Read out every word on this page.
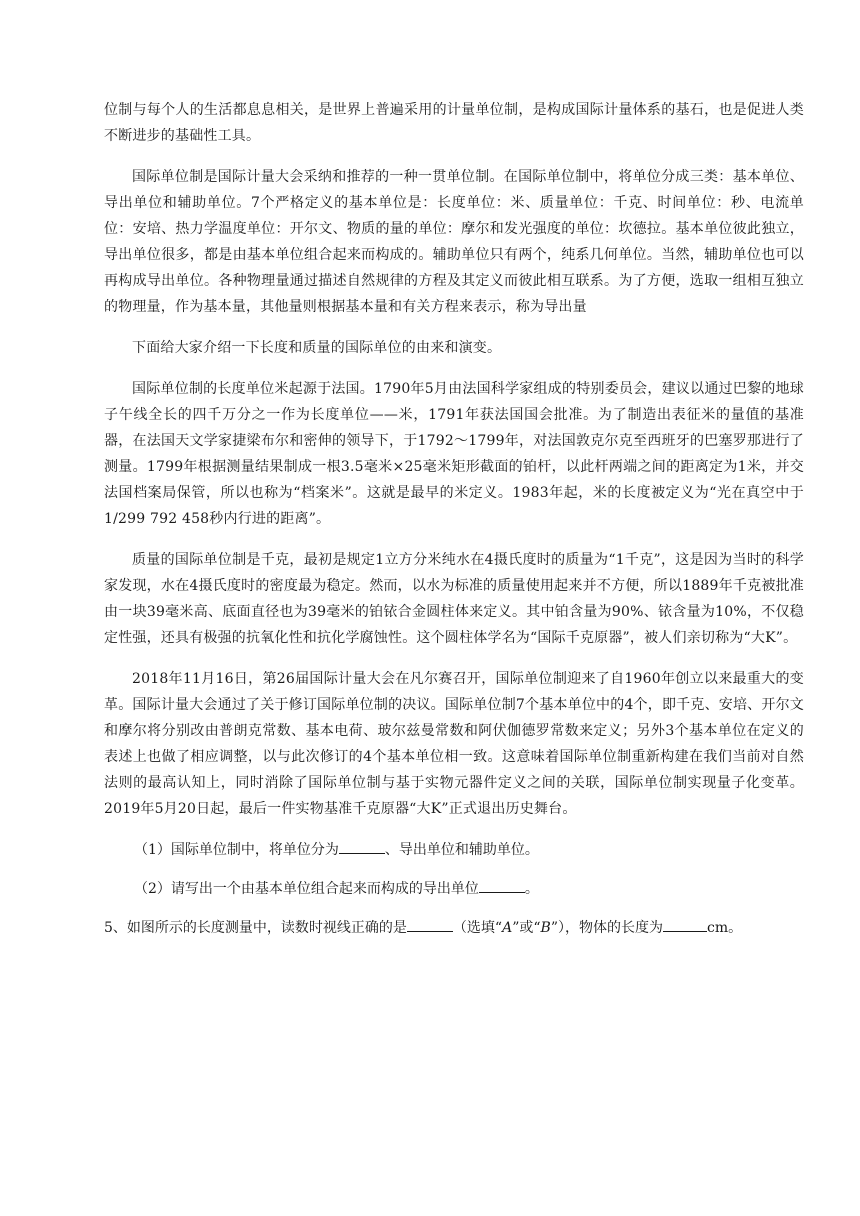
位制与每个人的生活都息息相关，是世界上普遍采用的计量单位制，是构成国际计量体系的基石，也是促进人类不断进步的基础性工具。

国际单位制是国际计量大会采纳和推荐的一种一贯单位制。在国际单位制中，将单位分成三类：基本单位、导出单位和辅助单位。7个严格定义的基本单位是：长度单位：米、质量单位：千克、时间单位：秒、电流单位：安培、热力学温度单位：开尔文、物质的量的单位：摩尔和发光强度的单位：坎德拉。基本单位彼此独立，导出单位很多，都是由基本单位组合起来而构成的。辅助单位只有两个，纯系几何单位。当然，辅助单位也可以再构成导出单位。各种物理量通过描述自然规律的方程及其定义而彼此相互联系。为了方便，选取一组相互独立的物理量，作为基本量，其他量则根据基本量和有关方程来表示，称为导出量

下面给大家介绍一下长度和质量的国际单位的由来和演变。

国际单位制的长度单位米起源于法国。1790年5月由法国科学家组成的特别委员会，建议以通过巴黎的地球子午线全长的四千万分之一作为长度单位——米，1791年获法国国会批准。为了制造出表征米的量值的基准器，在法国天文学家捷梁布尔和密伸的领导下，于1792～1799年，对法国敦克尔克至西班牙的巴塞罗那进行了测量。1799年根据测量结果制成一根3.5毫米×25毫米矩形截面的铂杆，以此杆两端之间的距离定为1米，并交法国档案局保管，所以也称为“档案米”。这就是最早的米定义。1983年起，米的长度被定义为“光在真空中于1/299 792 458秒内行进的距离”。

质量的国际单位制是千克，最初是规定1立方分米纯水在4摄氏度时的质量为“1千克”，这是因为当时的科学家发现，水在4摄氏度时的密度最为稳定。然而，以水为标准的质量使用起来并不方便，所以1889年千克被批准由一块39毫米高、底面直径也为39毫米的铂铱合金圆柱体来定义。其中铂含量为90%、铱含量为10%，不仅稳定性强，还具有极强的抗氧化性和抗化学腐蚀性。这个圆柱体学名为“国际千克原器”，被人们亲切称为“大K”。

2018年11月16日，第26届国际计量大会在凡尔赛召开，国际单位制迎来了自1960年创立以来最重大的变革。国际计量大会通过了关于修订国际单位制的决议。国际单位制7个基本单位中的4个，即千克、安培、开尔文和摩尔将分别改由普朗克常数、基本电荷、玻尔兹曼常数和阿伏伽德罗常数来定义；另外3个基本单位在定义的表述上也做了相应调整，以与此次修订的4个基本单位相一致。这意味着国际单位制重新构建在我们当前对自然法则的最高认知上，同时消除了国际单位制与基于实物元器件定义之间的关联，国际单位制实现量子化变革。2019年5月20日起，最后一件实物基准千克原器“大K”正式退出历史舞台。

（1）国际单位制中，将单位分为	、导出单位和辅助单位。

（2）请写出一个由基本单位组合起来而构成的导出单位	。

5、如图所示的长度测量中，读数时视线正确的是	（选填“A”或“B”），物体的长度为	cm。
